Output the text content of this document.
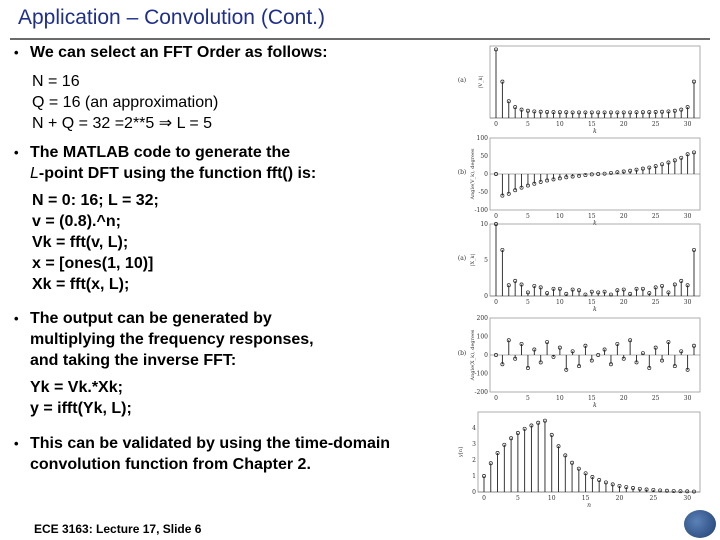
Application – Convolution (Cont.)
• We can select an FFT Order as follows:
N = 16
Q = 16 (an approximation)
N + Q = 32 =2**5 ⇒ L = 5
• The MATLAB code to generate the
L-point DFT using the function fft() is:
N = 0: 16; L = 32;
v = (0.8).^n;
Vk = fft(v, L);
x = [ones(1, 10)]
Xk = fft(x, L);
• The output can be generated by
multiplying the frequency responses,
and taking the inverse FFT:
Yk = Vk.*Xk;
y = ifft(Yk, L);
• This can be validated by using the time-domain
convolution function from Chapter 2.
0	5	10	15	20	25	30
k
|V_k|
(a)
0	5	10	15	20	25	30
100
50
0
-50
-100
k
Angle(V_k), degrees
(b)
0	5	10	15	20	25	30
10
5
0
k
|X_k|
(a)
0	5	10	15	20	25	30
200
100
0
-100
-200
k
Angle(X_k), degrees
(b)
0	5	10	15	20	25	30
4
3
2
1
0
n
y[n]
ECE 3163: Lecture 17, Slide 6
